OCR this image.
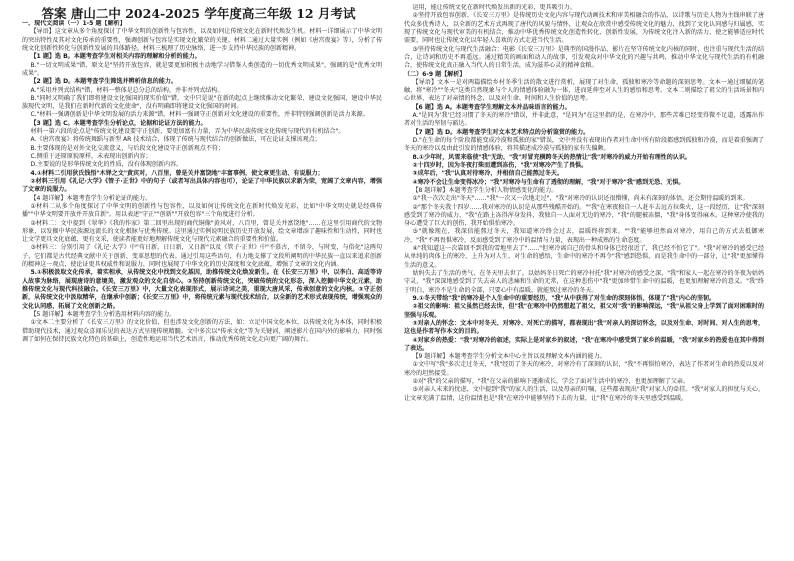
答案 唐山二中 2024-2025 学年度高三年级 12 月考试

一、现代文阅读（一）1-5 题【解析】

【导语】这文章从多个角度探讨了中华文明的创新性与包容性，以及如何让传统文化在新时代焕发生机。材料一详细展示了中华文明的突出特性及其对文化传承的重要性，强调创新与包容是实现文化繁荣的关键。材料二通过大量实例（例如《唐宫夜宴》等），分析了传统文化创新性转化与创新性发展的具体路径。材料三梳理了历史脉络，进一步支持中华民族的创新精神。

【1 题】选 B。本题考查学生对相关内容的理解和分析的能力。

B."一切文明成果"错，原文是"坚持开放包容，就是要更加积极主动地学习借鉴人类创造的一切优秀文明成果"，强调的是"优秀文明成果"。

【2 题】选 D。本题考查学生筛选并辨析信息的能力。

A."采用并列式结构"错，材料一整体是总分总的结构，并非并列式结构。

B."同时又明确了我们即将建设文化强国的现实价值"错，文中只是说"在新的起点上继续推动文化繁荣、建设文化强国、建设中华民族现代文明，是我们在新时代新的文化使命"，没有明确即将建设文化强国的时间。

C."材料一强调创新是中华文明发展的活力来源"错，材料一强调守正创新对文化建设的重要性，并非特别强调创新是活力来源。

【3 题】选 C。本题考查学生分析论点，论据和论证方法的能力。

材料一第六段的论点是"传统文化建设要守正创新，要更加富有力量，弄为中华民族传统文化传统与现代的有机结合"。

A.《唐宫夜宴》将传统舞蹈与新型 AR 技术结合，体现了传统与现代结合的创新做法，可在论证支撑该观点；

B.主要体现的是对外文化交流意义，与后段文化建设守正创新观点不符；

C.侧重于还原原貌原样，未表现出创新内容；

D.主要说的是形华传统文化的性质，没有体现创新内容。

4.①材料二引用狄氏钱悟"木铎之文"黄宾对，八百里，曾是关并富饶地"丰富事例，使文章更生动、有说服力；

②材料三引用《礼记·大学》《管子·正世》中的句子（或者写出具体内容也可），论证了中华民族以求新为荣，宽阔了文章内容，增强了文章的说服力。

【4 题详解】本题考查学生分析论证的能力。

①材料二从多个角度探讨了中华文明的创新性与包容性，以及如何让传统文化在新时代焕发光彩，比如"中华文明史就是经典传播""中华文明要开放并开放自新"。用以表述"守正""创新""开放包容"三个角度进行分析。

②材料二：文中提到《翠华》《我的作家》第二回里出现的商代铜像"黄风对，八百里，曾是关并富饶地"……在这里引用商代的文物形象，以发掘中华民族源远流长的文化根脉与优秀传统。这里通过实例说明民族历史开放发展，绘文章增添了趣味性和生动性，同时也让文学更具文化底蕴、更有文采，使读者能更好地理解传统文化与现代元素融合的重要性和价值。

③材料三：分别引用了《礼记·大学》中"苟日新，日日新，又日新"以及《管子·正世》中"不慕古，不留今，与时变，与俗化"这两句子，它们都是古代经典文献中关于创新、变革思想的代表。通过引用这些语句，有力地支撑了文段所阐明的中华民族一直以来追求创新的精神这一观点，使论证更具权威性和说服力，同时也展现了中华文化的历史深度和文化底蕴，增强了文章的文化内涵。

5.①积极汲取文化传承，着实相承，从传统文化中找到文化基因，助推传统文化焕发新生。在《长安三万里》中，以李白、高适等诗人故事为脉络，展现唐诗的意境美，激发观众的文化自信心。②坚持创新传统文化，突破传统的文化形态，深入挖掘中华文化元素，助推传统文化与现代科技融合。《长安三万里》中，大量文化表现形式，展示诗词之美，重现大唐风采，传承创意的文化内核。③守正创新，从传统文化中汲取精华，在继承中创新；《长安三万里》中，将传统元素与现代技术结合，以全新的艺术形式表现传统，增强观众的文化认同感，拓展了文化创新之路。

【5 题详解】本题考查学生分析选用材料内容的能力。

①文本二主要分析了《长安三万里》的文化价值，但也涉及文化创新的方法，如：立足中国文化本位，以传统文化为本体，同时积极借助现代技术，通过观众喜闻乐见的表达方式呈现传统精髓。文中多次以"传承文化"等为关键词，阐述影片在国内外的影响力，同时强调了如何在保持民族文化特色的基础上，创造性地运用当代艺术语言，推动优秀传统文化走向更广阔的舞台。

运用，能让传统文化在新时代焕发出新的光彩，更具吸引力。

②坚持开放包容创新，《长安三万里》是传统历史文化内容与现代动画技术和审美相融合的作品，以诗歌与历史人物为主线串联了唐代众多优秀诗人，以全新的艺术方式再现了唐代的风貌与情怀，让观众在欣赏中感受传统文化的魅力，找到了文化认同感与归属感，实现了传统文化与现代审美的有机结合，推动中华优秀传统文化创造性转化、创新性发展，为传统文化注入新的活力，使之能够适应时代需要，同时也让传统文化以年轻人喜欢的方式走进当代生活。

③坚持传统文化与现代生活融合：电影《长安三万里》是典型的国漫作品，影片在坚守传统文化内核的同时，也注重与现代生活的结合，让诗词和历史不再遥远。通过精美的画面和动人的故事，引发观众对中华文化的兴趣与共鸣，推动中华文化与现代生活的有机融合，使传统文化真正融入当代人的日常生活，成为滋养心灵的精神食粮。

（二）6-9 题【解析】

【导语】文本一是对两篇描绘乡村冬季生活的散文进行赏析，展现了对生命、孤独和寒冷等命题的深刻思考。文本一通过细腻的笔触，将"寒冷""冬天"这类自然现象与个人的情感体验融为一体，进而延伸至对人生的感悟和思考。文本二则描绘了祖父的生活场景和内心世界，表达了对亲情的怀念，以及对生命、时间和人生价值的思考。

【6 题】选 A。本题考查学生理解文本并品味语言的能力。

A."是同为'我'已经习惯了冬天的寒冷"错误，并非此意，"是同为"在这里指的是，在寒冷中，那些苦难已经变得微不足道，透露出作者对生活的坚韧与豁达。

【7 题】选 D。本题考查学生对文本艺术特点的分析鉴赏的能力。

D."在生命的每个阶段都能变成冷漠和孤独的家"错误，文中并没有表现出作者对生命中所有阶段都感到孤独和冷漠，而是着重强调了冬天的寒冷以及由此引发的情感体验，将其描述成冷漠与孤独的家有失偏颇。

8.①少年时，风雪来临使"我"无助，"我"对冒充横跨冬天的热情让"我"对寒冷的威力开始有理性的认识。

②十四岁时，因为冬夜打柴而遭到冻伤，"我"对寒冷产生了畏惧。

③成年后，"我"认真对待寒冷，并相信自己能熬过冬天。

④寒冷不会让生命变得冰冷；"我"对寒冷与生命有了透彻的理解，"我"对于寒冷"我"感到无恐、无惧。

【8 题详解】本题考查学生分析人物情感变化的能力。

①"我一次次走出"冬天"……"我"一次又一次地走过"，"我"对寒冷的认识还很懵懂，尚未有深刻的体悟，还会期待温暖的到来。

②"那个冬天我十四岁……我对寒冷的认识是从那些残酷开始的。""我"在寒夜独自一人赶车去远方拉柴火，这一段经历，让"我"深刻感受到了寒冷的威力，"我"在路上冻得浑身发抖，我独自一人面对无边的寒冷，"我"的腿被冻僵，"我"身体变得麻木。这种寒冷使我的身心遭受了巨大的创伤，我开始惧怕寒冷。

③"就像现在，我深信能熬过冬天，我知道寒冷终会过去，温暖终将到来。""我"能够坦然面对寒冷，用自己的方式去抵御寒冷，"我"不再畏惧寒冷，反而感受到了寒冷中的温情与力量，表现出一种成熟的生命态度。

④"我知道这一次靠回不到我的雪地里去了"……"但寒冷离自己的骨头和身体已经很近了，我已经不怕它了"。"我"对寒冷的感受已经从单纯的肉体上的寒冷，上升为对人生、对生命的感悟，生命中的寒冷不再令"我"感到恐惧，而是我生命中的一部分，让"我"更加懂得生活的意义。

姑妈失去了生活的勇气，在冬天里去世了。以姑妈冬日死亡的寒冷衬托"我"对寒冷的感受之深，"我"和家人一起在寒冷的冬夜为姑妈守灵，"我"深深地感受到了失去亲人的悲痛和生命的无常，在这种悲伤中"我"更加珍惜生命中的温暖，也更加理解寒冷的意义。"我"终于明白，寒冷不是生命的全部，只要心中有温暖，就能熬过寒冷的冬天。

9.①冬天带给"我"的寒冷是个人生命中的重要经历，"我"从中获得了对生命的深刻体悟，体现了"我"内心的坚韧。

②祖父的影响：祖父虽然已经去世，但"我"在寒冷中仍然想起了祖父，祖父对"我"的影响深远，"我"从祖父身上学到了面对困难时的坚强与乐观。

③对亲人的怀念：文本中对冬天、对寒冷、对死亡的描写，都表现出"我"对亲人的深切怀念，以及对生命、对时间、对人生的思考，这也是作者写作本文的目的。

④对家乡的热爱："我"对寒冷的叙述，实际上是对家乡的叙述，"我"在寒冷中感受到了家乡的温暖，"我"对家乡的热爱也在其中得到了表达。

【9 题详解】本题考查学生分析文本中心主旨以及理解文本内涵的能力。

①文中写"我"多次走过冬天，"我"经历了冬天的寒冷，对寒冷有了深刻的认识，"我"不再惧怕寒冷，表达了作者对生命的热爱以及对寒冷的坦然接受。

②对"我"的父亲的描写，"我"在父亲的影响下逐渐成长，学会了面对生活中的寒冷，也更加理解了父亲。

③对亲人未来的忧虑，文中提到"我"的家人的生活，以及母亲的叮嘱，这些都表现出"我"对家人的牵挂。"我"对家人的担忧与关心，让文章充满了温情，这份温情也是"我"在寒冷中能够坚持下去的力量，让"我"在寒冷的冬天里感受到温暖。
